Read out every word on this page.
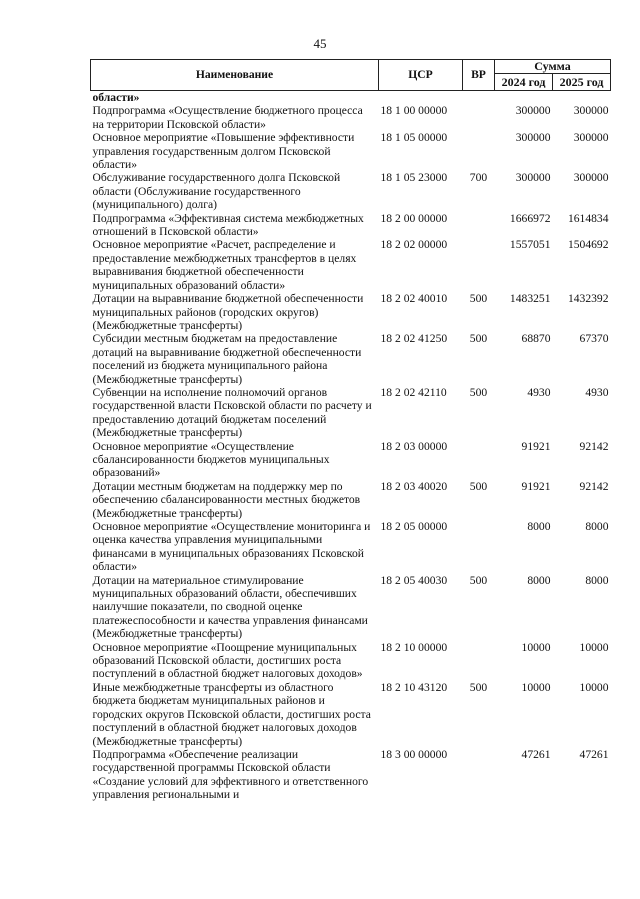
45
Наименование	ЦСР	ВР	Сумма	
			2024 год	2025 год
области»				
Подпрограмма «Осуществление бюджетного процесса на территории Псковской области»	18 1 00 00000		300000	300000
Основное мероприятие «Повышение эффективности управления государственным долгом Псковской области»	18 1 05 00000		300000	300000
Обслуживание государственного долга Псковской области (Обслуживание государственного (муниципального) долга)	18 1 05 23000	700	300000	300000
Подпрограмма «Эффективная система межбюджетных отношений в Псковской области»	18 2 00 00000		1666972	1614834
Основное мероприятие «Расчет, распределение и предоставление межбюджетных трансфертов в целях выравнивания бюджетной обеспеченности муниципальных образований области»	18 2 02 00000		1557051	1504692
Дотации на выравнивание бюджетной обеспеченности муниципальных районов (городских округов) (Межбюджетные трансферты)	18 2 02 40010	500	1483251	1432392
Субсидии местным бюджетам на предоставление дотаций на выравнивание бюджетной обеспеченности поселений из бюджета муниципального района (Межбюджетные трансферты)	18 2 02 41250	500	68870	67370
Субвенции на исполнение полномочий органов государственной власти Псковской области по расчету и предоставлению дотаций бюджетам поселений (Межбюджетные трансферты)	18 2 02 42110	500	4930	4930
Основное мероприятие «Осуществление сбалансированности бюджетов муниципальных образований»	18 2 03 00000		91921	92142
Дотации местным бюджетам на поддержку мер по обеспечению сбалансированности местных бюджетов (Межбюджетные трансферты)	18 2 03 40020	500	91921	92142
Основное мероприятие «Осуществление мониторинга и оценка качества управления муниципальными финансами в муниципальных образованиях Псковской области»	18 2 05 00000		8000	8000
Дотации на материальное стимулирование муниципальных образований области, обеспечивших наилучшие показатели, по сводной оценке платежеспособности и качества управления финансами (Межбюджетные трансферты)	18 2 05 40030	500	8000	8000
Основное мероприятие «Поощрение муниципальных образований Псковской области, достигших роста поступлений в областной бюджет налоговых доходов»	18 2 10 00000		10000	10000
Иные межбюджетные трансферты из областного бюджета бюджетам муниципальных районов и городских округов Псковской области, достигших роста поступлений в областной бюджет налоговых доходов (Межбюджетные трансферты)	18 2 10 43120	500	10000	10000
Подпрограмма «Обеспечение реализации государственной программы Псковской области «Создание условий для эффективного и ответственного управления региональными и	18 3 00 00000		47261	47261
